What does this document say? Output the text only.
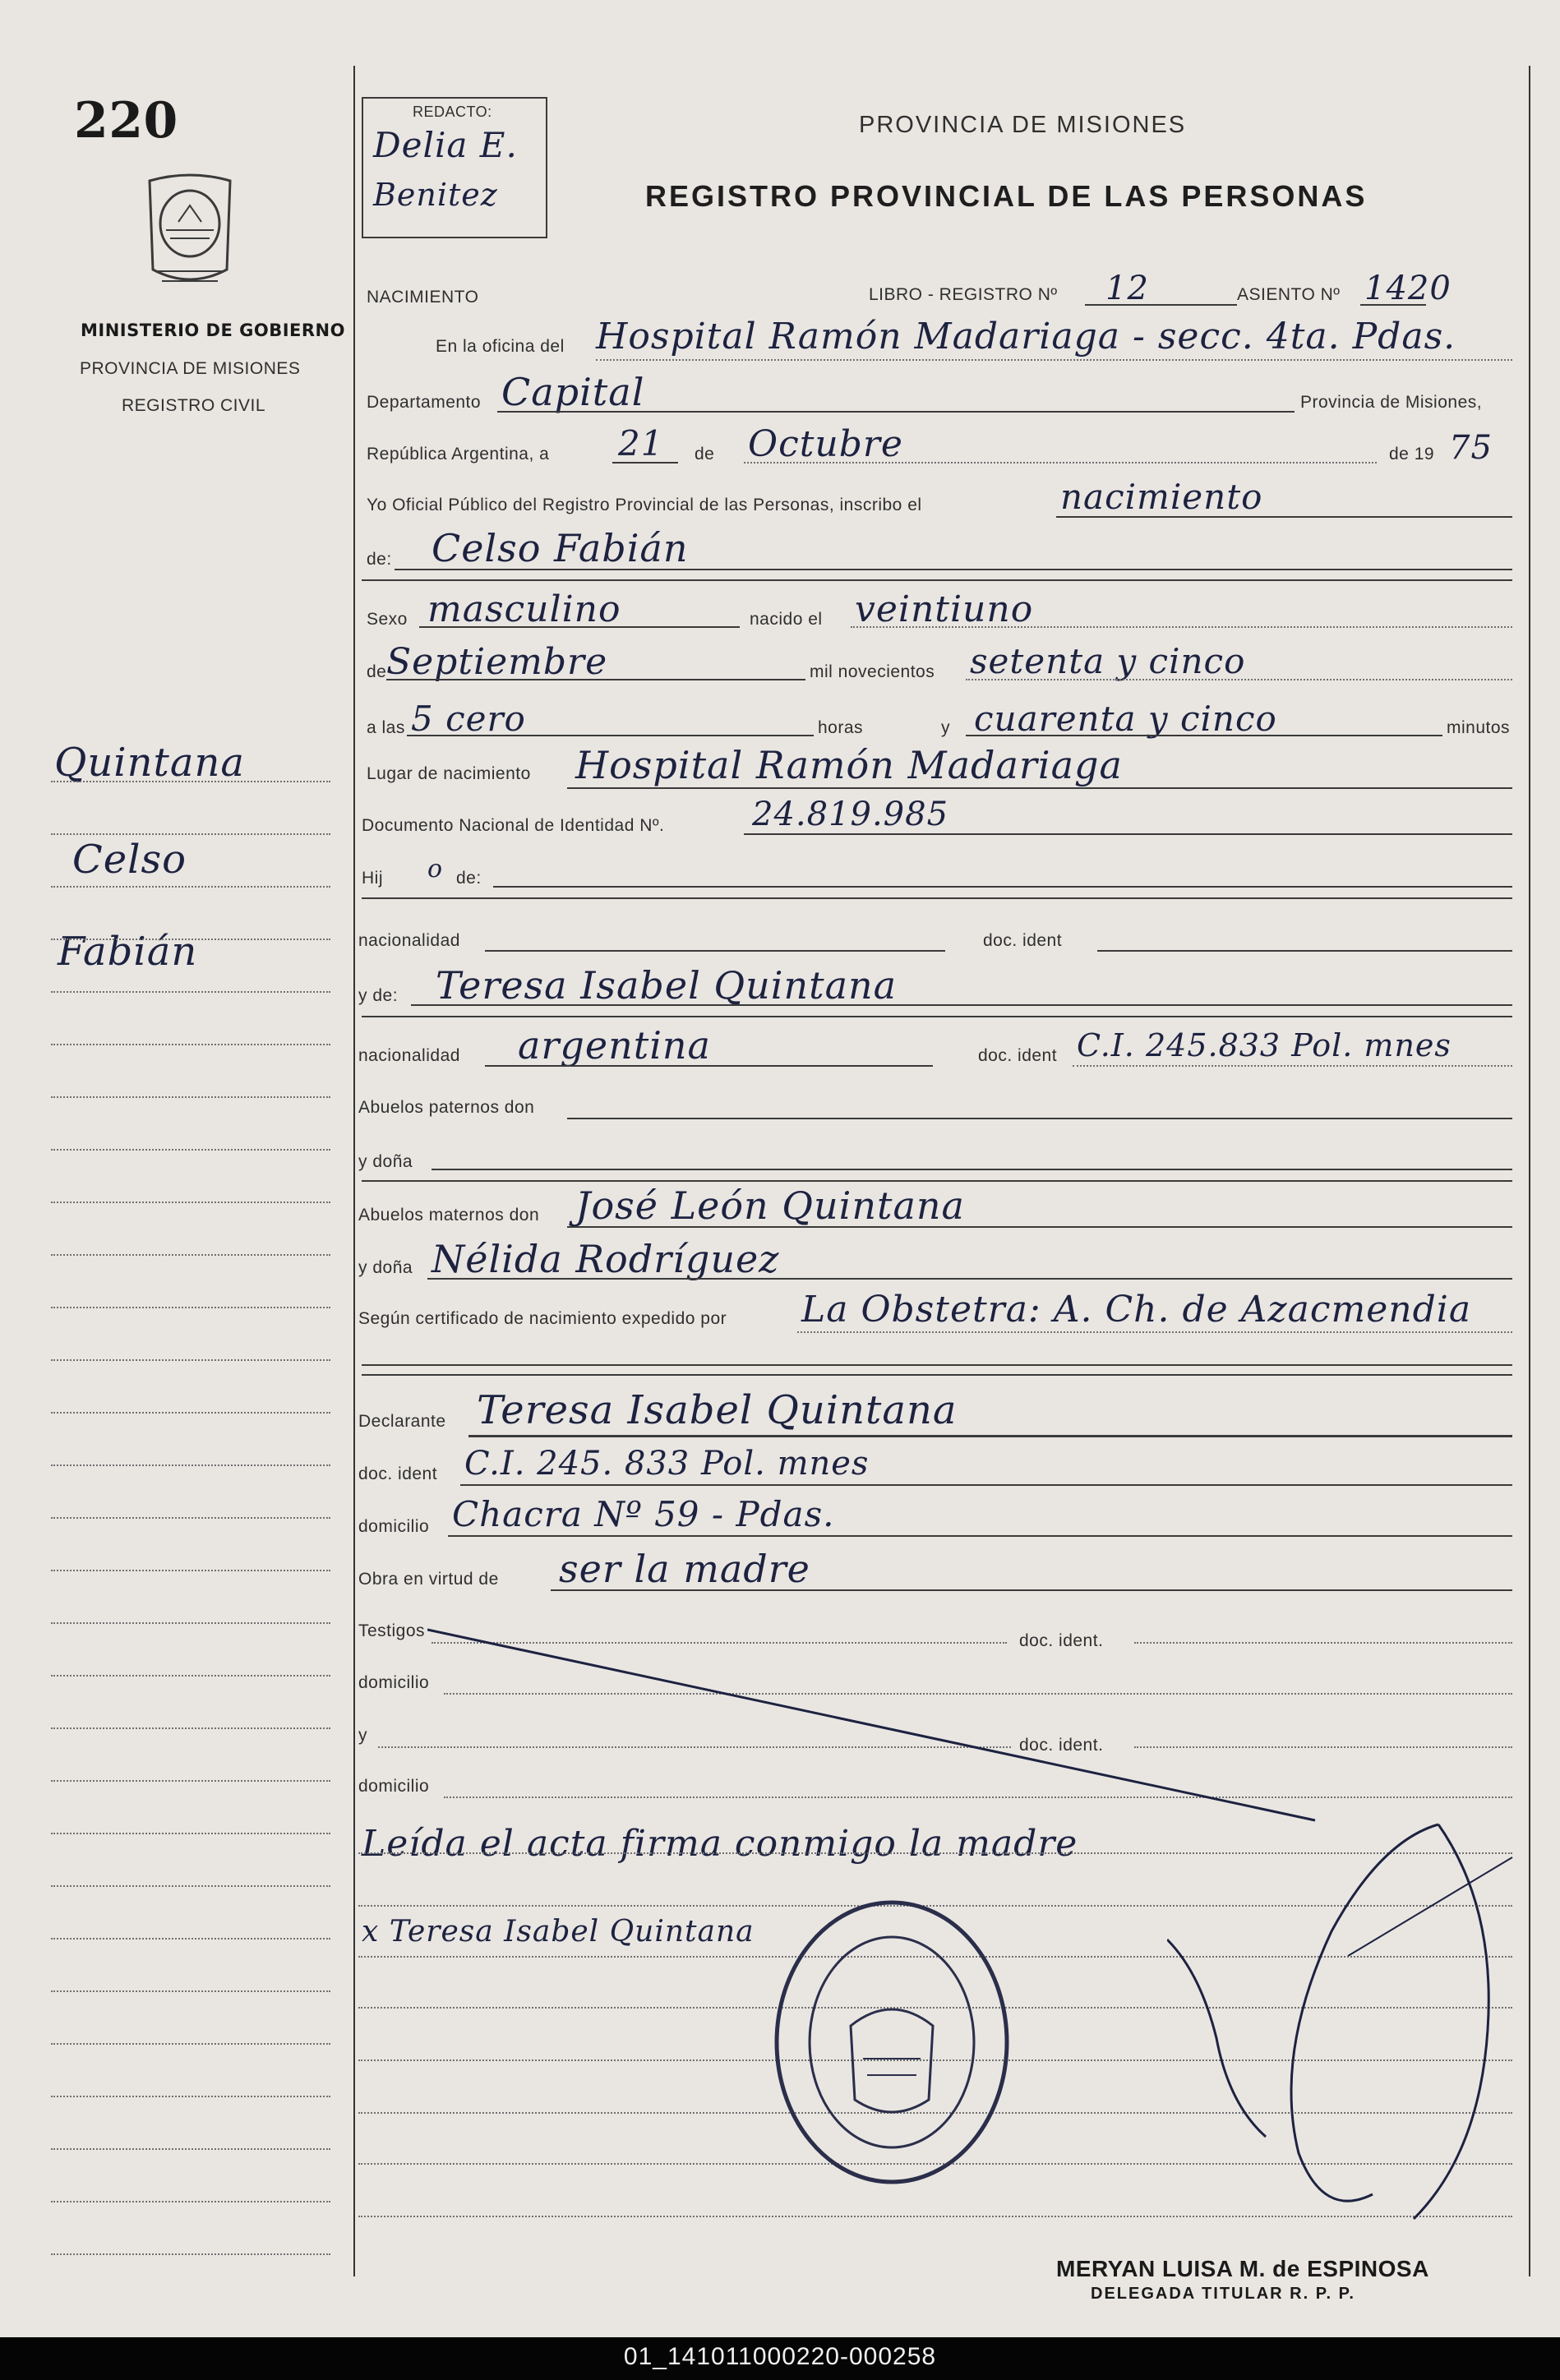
220
MINISTERIO DE GOBIERNO
PROVINCIA DE MISIONES
REGISTRO CIVIL
Quintana
Celso
Fabián
REDACTO:
Delia E.
Benitez
PROVINCIA DE MISIONES
REGISTRO PROVINCIAL DE LAS PERSONAS
NACIMIENTO	LIBRO - REGISTRO Nº 12	ASIENTO Nº 1420
En la oficina del Hospital Ramón Madariaga - secc. 4ta. Pdas.
Departamento Capital	Provincia de Misiones,
República Argentina, a 21 de Octubre	de 19 75
Yo Oficial Público del Registro Provincial de las Personas, inscribo el	nacimiento
de: Celso Fabián
Sexo masculino	nacido el veintiuno
de Septiembre	mil novecientos setenta y cinco
a las 5 cero	horas	y cuarenta y cinco	minutos
Lugar de nacimiento Hospital Ramón Madariaga
Documento Nacional de Identidad Nº.	24.819.985
Hij o de:
nacionalidad	doc. ident
y de: Teresa Isabel Quintana
nacionalidad argentina	doc. ident C.I. 245.833 Pol. mnes
Abuelos paternos don
y doña
Abuelos maternos don José León Quintana
y doña Nélida Rodríguez
Según certificado de nacimiento expedido por La Obstetra: A. Ch. de Azacmendia
Declarante Teresa Isabel Quintana
doc. ident C.I. 245. 833 Pol. mnes
domicilio Chacra Nº 59 - Pdas.
Obra en virtud de ser la madre
Testigos
doc. ident.
domicilio
y
doc. ident.
domicilio
Leída el acta firma conmigo la madre
x Teresa Isabel Quintana
MERYAN LUISA M. de ESPINOSA
DELEGADA TITULAR R. P. P.
01_141011000220-000258
